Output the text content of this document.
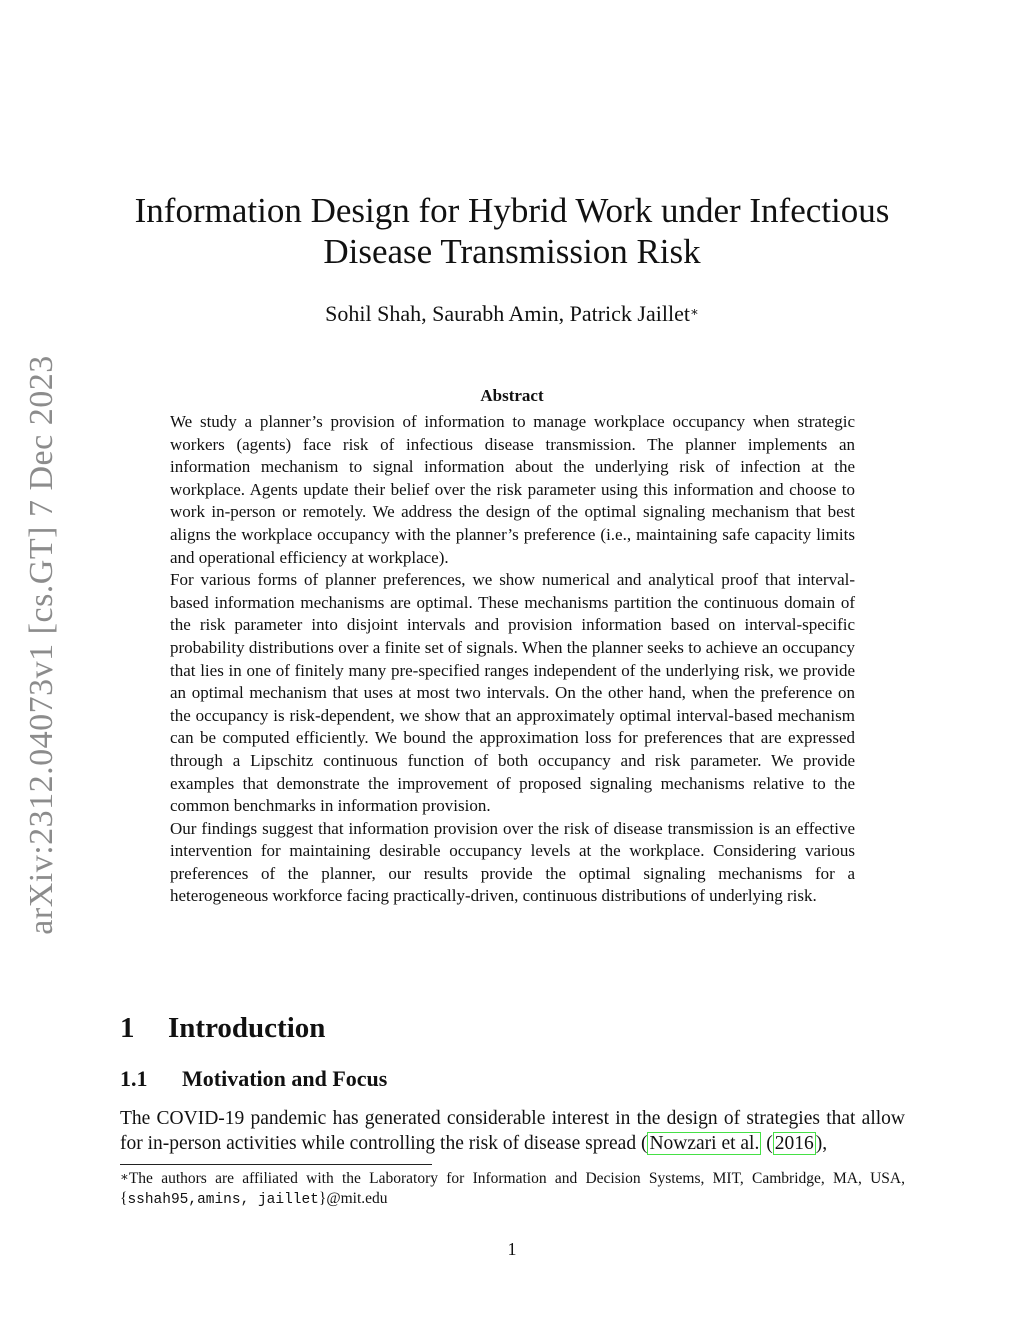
arXiv:2312.04073v1 [cs.GT] 7 Dec 2023
Information Design for Hybrid Work under Infectious Disease Transmission Risk
Sohil Shah, Saurabh Amin, Patrick Jaillet∗
Abstract

We study a planner’s provision of information to manage workplace occupancy when strategic workers (agents) face risk of infectious disease transmission. The planner implements an information mechanism to signal information about the underlying risk of infection at the workplace. Agents update their belief over the risk parameter using this information and choose to work in-person or remotely. We address the design of the optimal signaling mechanism that best aligns the workplace occupancy with the planner’s preference (i.e., maintaining safe capacity limits and operational efficiency at workplace).

For various forms of planner preferences, we show numerical and analytical proof that interval-based information mechanisms are optimal. These mechanisms partition the continuous domain of the risk parameter into disjoint intervals and provision information based on interval-specific probability distributions over a finite set of signals. When the planner seeks to achieve an occupancy that lies in one of finitely many pre-specified ranges independent of the underlying risk, we provide an optimal mechanism that uses at most two intervals. On the other hand, when the preference on the occupancy is risk-dependent, we show that an approximately optimal interval-based mechanism can be computed efficiently. We bound the approximation loss for preferences that are expressed through a Lipschitz continuous function of both occupancy and risk parameter. We provide examples that demonstrate the improvement of proposed signaling mechanisms relative to the common benchmarks in information provision.

Our findings suggest that information provision over the risk of disease transmission is an effective intervention for maintaining desirable occupancy levels at the workplace. Considering various preferences of the planner, our results provide the optimal signaling mechanisms for a heterogeneous workforce facing practically-driven, continuous distributions of underlying risk.

1 Introduction
1.1 Motivation and Focus

The COVID-19 pandemic has generated considerable interest in the design of strategies that allow for in-person activities while controlling the risk of disease spread ( Nowzari et al. ( 2016 ),

∗The authors are affiliated with the Laboratory for Information and Decision Systems, MIT, Cambridge, MA, USA, {sshah95,amins, jaillet}@mit.edu

1
